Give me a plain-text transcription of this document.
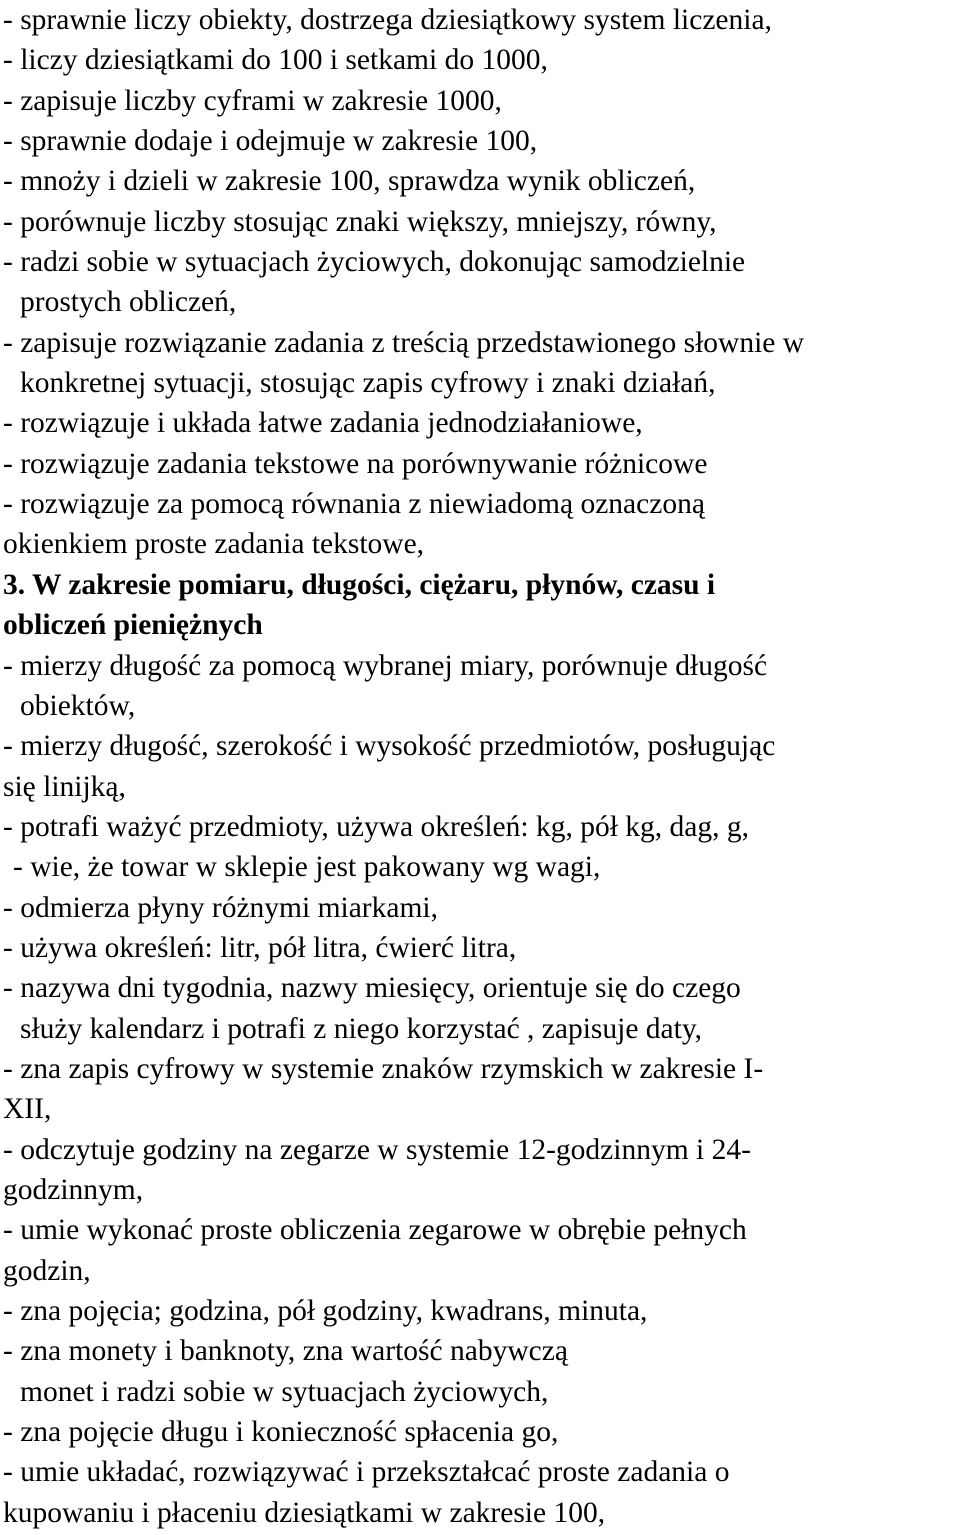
- sprawnie liczy obiekty, dostrzega dziesiątkowy system liczenia,
- liczy dziesiątkami do 100 i setkami do 1000,
- zapisuje liczby cyframi w zakresie 1000,
- sprawnie dodaje i odejmuje w zakresie 100,
- mnoży i dzieli w zakresie 100, sprawdza wynik obliczeń,
- porównuje liczby stosując znaki większy, mniejszy, równy,
- radzi sobie w sytuacjach życiowych, dokonując samodzielnie
prostych obliczeń,
- zapisuje rozwiązanie zadania z treścią przedstawionego słownie w
konkretnej sytuacji, stosując zapis cyfrowy i znaki działań,
- rozwiązuje i układa łatwe zadania jednodziałaniowe,
- rozwiązuje zadania tekstowe na porównywanie różnicowe
- rozwiązuje za pomocą równania z niewiadomą oznaczoną
okienkiem proste zadania tekstowe,
3. W zakresie pomiaru, długości, ciężaru, płynów, czasu i
obliczeń pieniężnych
- mierzy długość za pomocą wybranej miary, porównuje długość
obiektów,
- mierzy długość, szerokość i wysokość przedmiotów, posługując
się linijką,
- potrafi ważyć przedmioty, używa określeń: kg, pół kg, dag, g,
- wie, że towar w sklepie jest pakowany wg wagi,
- odmierza płyny różnymi miarkami,
- używa określeń: litr, pół litra, ćwierć litra,
- nazywa dni tygodnia, nazwy miesięcy, orientuje się do czego
służy kalendarz i potrafi z niego korzystać , zapisuje daty,
- zna zapis cyfrowy w systemie znaków rzymskich w zakresie I-
XII,
- odczytuje godziny na zegarze w systemie 12-godzinnym i 24-
godzinnym,
- umie wykonać proste obliczenia zegarowe w obrębie pełnych
godzin,
- zna pojęcia; godzina, pół godziny, kwadrans, minuta,
- zna monety i banknoty, zna wartość nabywczą
monet i radzi sobie w sytuacjach życiowych,
- zna pojęcie długu i konieczność spłacenia go,
- umie układać, rozwiązywać i przekształcać proste zadania o
kupowaniu i płaceniu dziesiątkami w zakresie 100,
